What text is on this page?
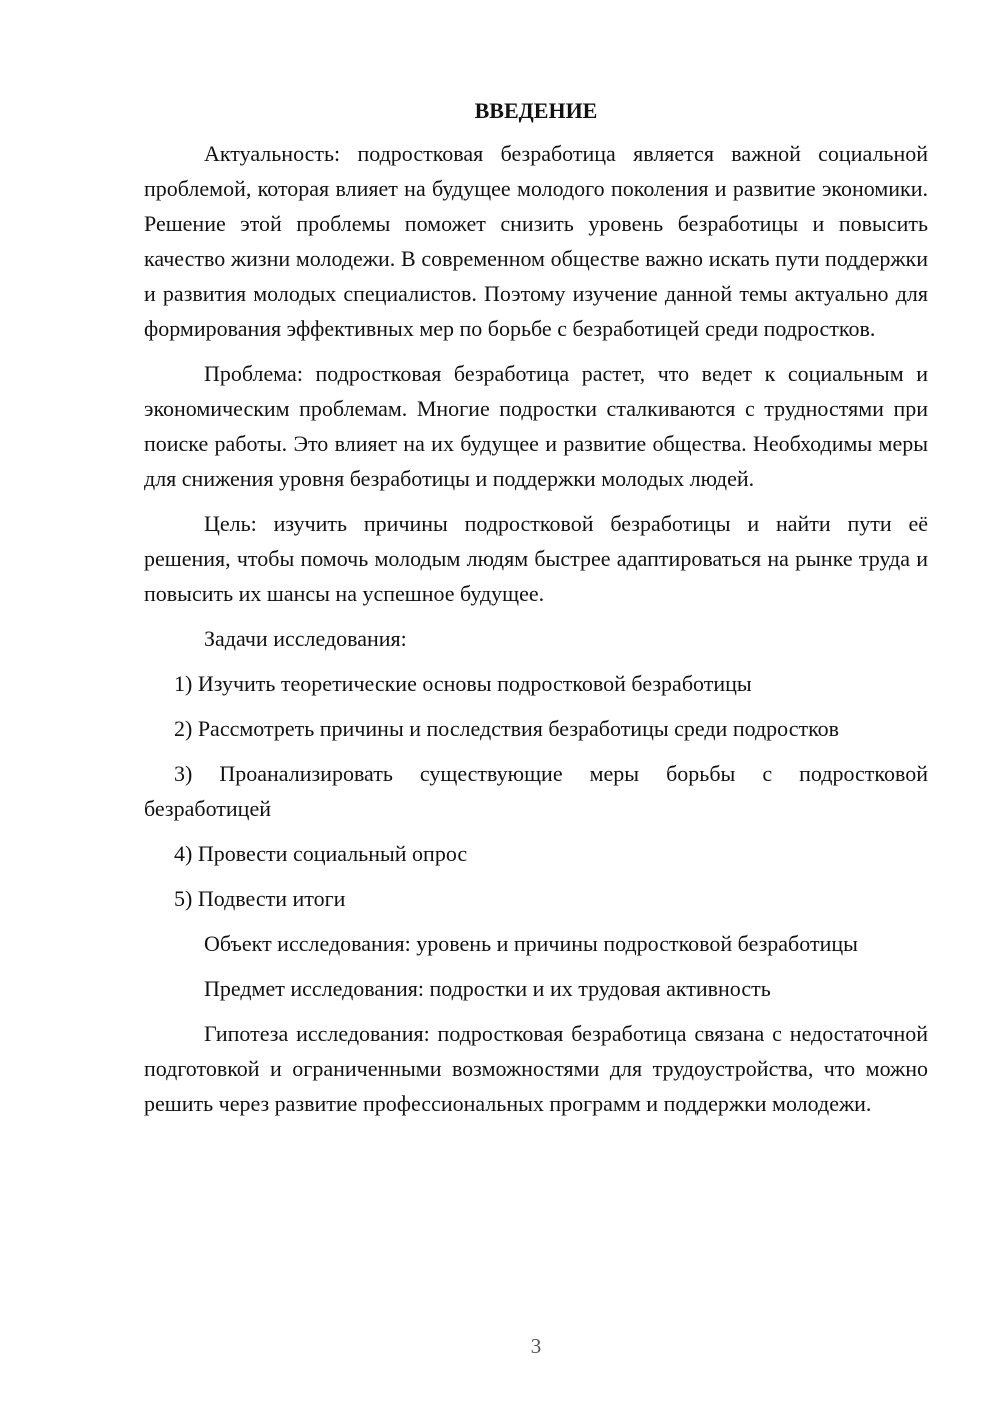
ВВЕДЕНИЕ

Актуальность: подростковая безработица является важной социальной проблемой, которая влияет на будущее молодого поколения и развитие экономики. Решение этой проблемы поможет снизить уровень безработицы и повысить качество жизни молодежи. В современном обществе важно искать пути поддержки и развития молодых специалистов. Поэтому изучение данной темы актуально для формирования эффективных мер по борьбе с безработицей среди подростков.

Проблема: подростковая безработица растет, что ведет к социальным и экономическим проблемам. Многие подростки сталкиваются с трудностями при поиске работы. Это влияет на их будущее и развитие общества. Необходимы меры для снижения уровня безработицы и поддержки молодых людей.

Цель: изучить причины подростковой безработицы и найти пути её решения, чтобы помочь молодым людям быстрее адаптироваться на рынке труда и повысить их шансы на успешное будущее.

Задачи исследования:

1) Изучить теоретические основы подростковой безработицы

2) Рассмотреть причины и последствия безработицы среди подростков

3) Проанализировать существующие меры борьбы с подростковой безработицей

4) Провести социальный опрос

5) Подвести итоги

Объект исследования: уровень и причины подростковой безработицы

Предмет исследования: подростки и их трудовая активность

Гипотеза исследования: подростковая безработица связана с недостаточной подготовкой и ограниченными возможностями для трудоустройства, что можно решить через развитие профессиональных программ и поддержки молодежи.

3
